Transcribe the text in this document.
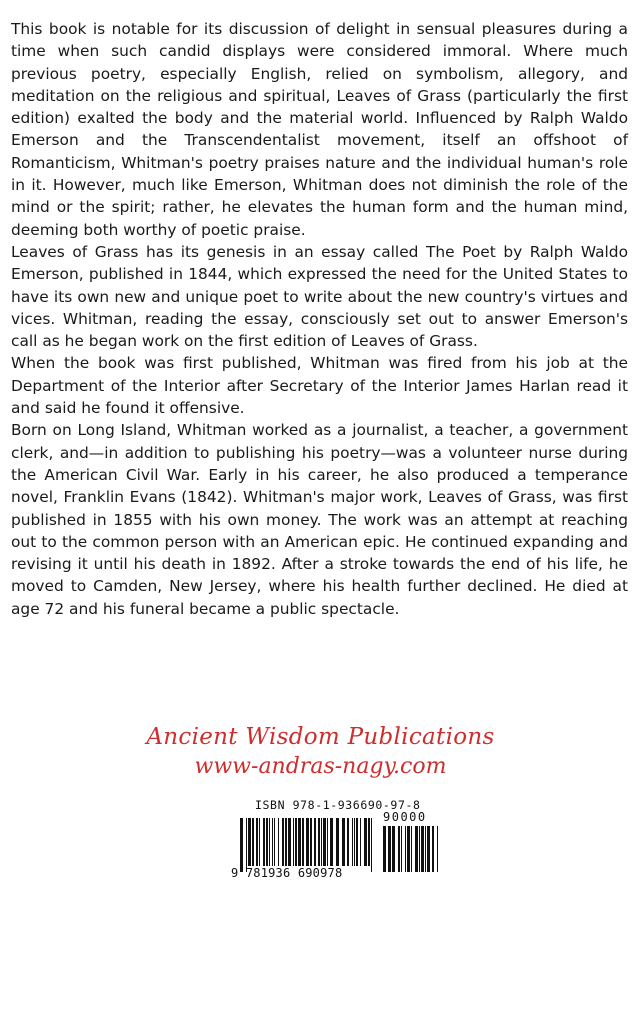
This book is notable for its discussion of delight in sensual pleasures during a time when such candid displays were considered immoral. Where much previous poetry, especially English, relied on symbolism, allegory, and meditation on the religious and spiritual, Leaves of Grass (particularly the first edition) exalted the body and the material world. Influenced by Ralph Waldo Emerson and the Transcendentalist movement, itself an offshoot of Romanticism, Whitman's poetry praises nature and the individual human's role in it. However, much like Emerson, Whitman does not diminish the role of the mind or the spirit; rather, he elevates the human form and the human mind, deeming both worthy of poetic praise.

Leaves of Grass has its genesis in an essay called The Poet by Ralph Waldo Emerson, published in 1844, which expressed the need for the United States to have its own new and unique poet to write about the new country's virtues and vices. Whitman, reading the essay, consciously set out to answer Emerson's call as he began work on the first edition of Leaves of Grass.

When the book was first published, Whitman was fired from his job at the Department of the Interior after Secretary of the Interior James Harlan read it and said he found it offensive.

Born on Long Island, Whitman worked as a journalist, a teacher, a government clerk, and—in addition to publishing his poetry—was a volunteer nurse during the American Civil War. Early in his career, he also produced a temperance novel, Franklin Evans (1842). Whitman's major work, Leaves of Grass, was first published in 1855 with his own money. The work was an attempt at reaching out to the common person with an American epic. He continued expanding and revising it until his death in 1892. After a stroke towards the end of his life, he moved to Camden, New Jersey, where his health further declined. He died at age 72 and his funeral became a public spectacle.

Ancient Wisdom Publications
www-andras-nagy.com
ISBN 978-1-936690-97-8
9 781936 690978
90000
